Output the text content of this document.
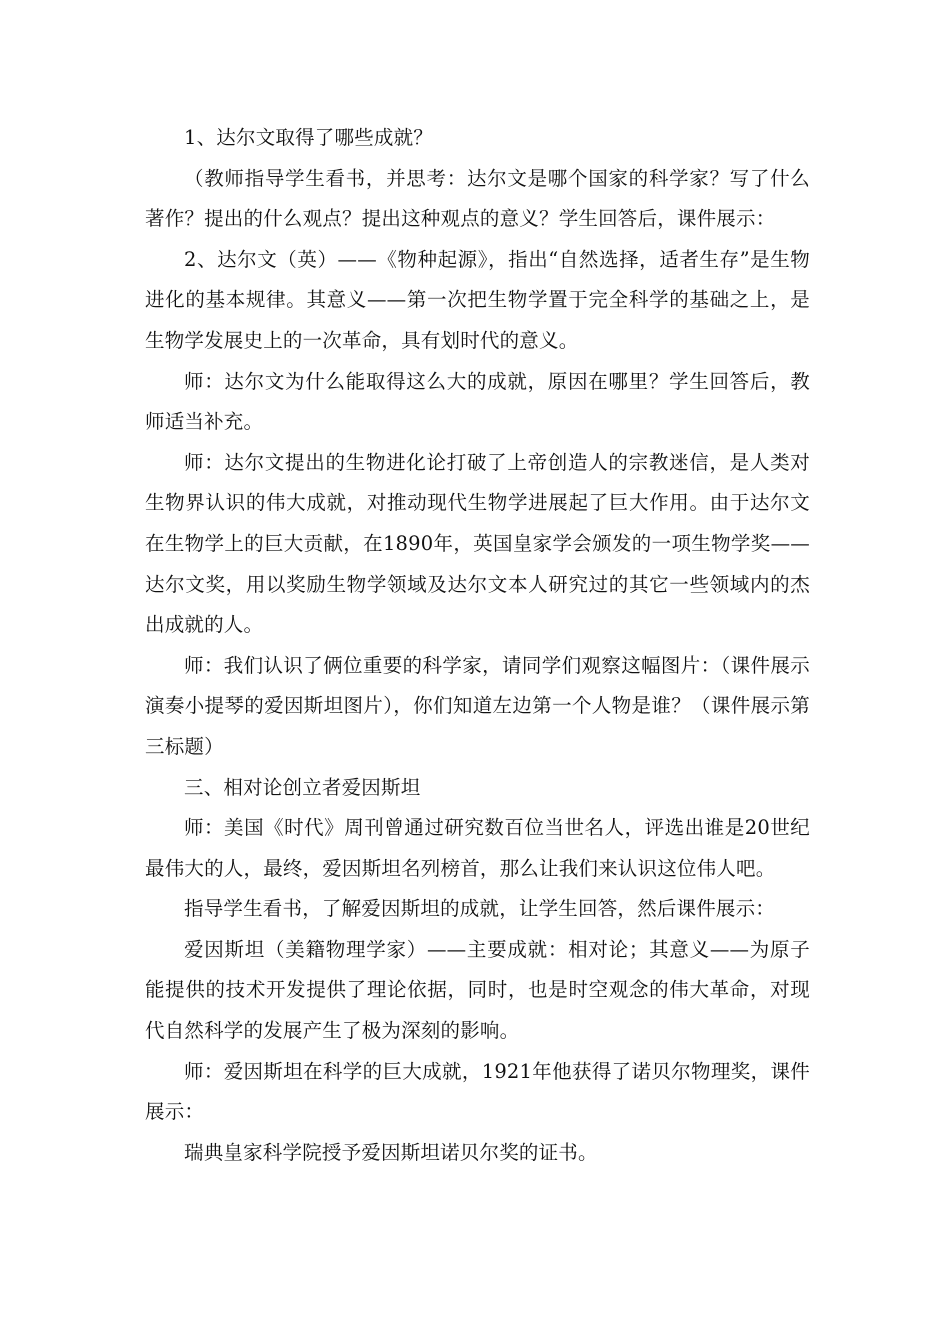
1、达尔文取得了哪些成就？

（教师指导学生看书，并思考：达尔文是哪个国家的科学家？写了什么著作？提出的什么观点？提出这种观点的意义？学生回答后，课件展示：

2、达尔文（英）——《物种起源》，指出“自然选择，适者生存”是生物进化的基本规律。其意义——第一次把生物学置于完全科学的基础之上，是生物学发展史上的一次革命，具有划时代的意义。

师：达尔文为什么能取得这么大的成就，原因在哪里？学生回答后，教师适当补充。

师：达尔文提出的生物进化论打破了上帝创造人的宗教迷信，是人类对生物界认识的伟大成就，对推动现代生物学进展起了巨大作用。由于达尔文在生物学上的巨大贡献，在1890年，英国皇家学会颁发的一项生物学奖——达尔文奖，用以奖励生物学领域及达尔文本人研究过的其它一些领域内的杰出成就的人。

师：我们认识了俩位重要的科学家，请同学们观察这幅图片：（课件展示演奏小提琴的爱因斯坦图片），你们知道左边第一个人物是谁？（课件展示第三标题）

三、相对论创立者爱因斯坦

师：美国《时代》周刊曾通过研究数百位当世名人，评选出谁是20世纪最伟大的人，最终，爱因斯坦名列榜首，那么让我们来认识这位伟人吧。

指导学生看书，了解爱因斯坦的成就，让学生回答，然后课件展示：

爱因斯坦（美籍物理学家）——主要成就：相对论；其意义——为原子能提供的技术开发提供了理论依据，同时，也是时空观念的伟大革命，对现代自然科学的发展产生了极为深刻的影响。

师：爱因斯坦在科学的巨大成就，1921年他获得了诺贝尔物理奖，课件展示：

瑞典皇家科学院授予爱因斯坦诺贝尔奖的证书。
